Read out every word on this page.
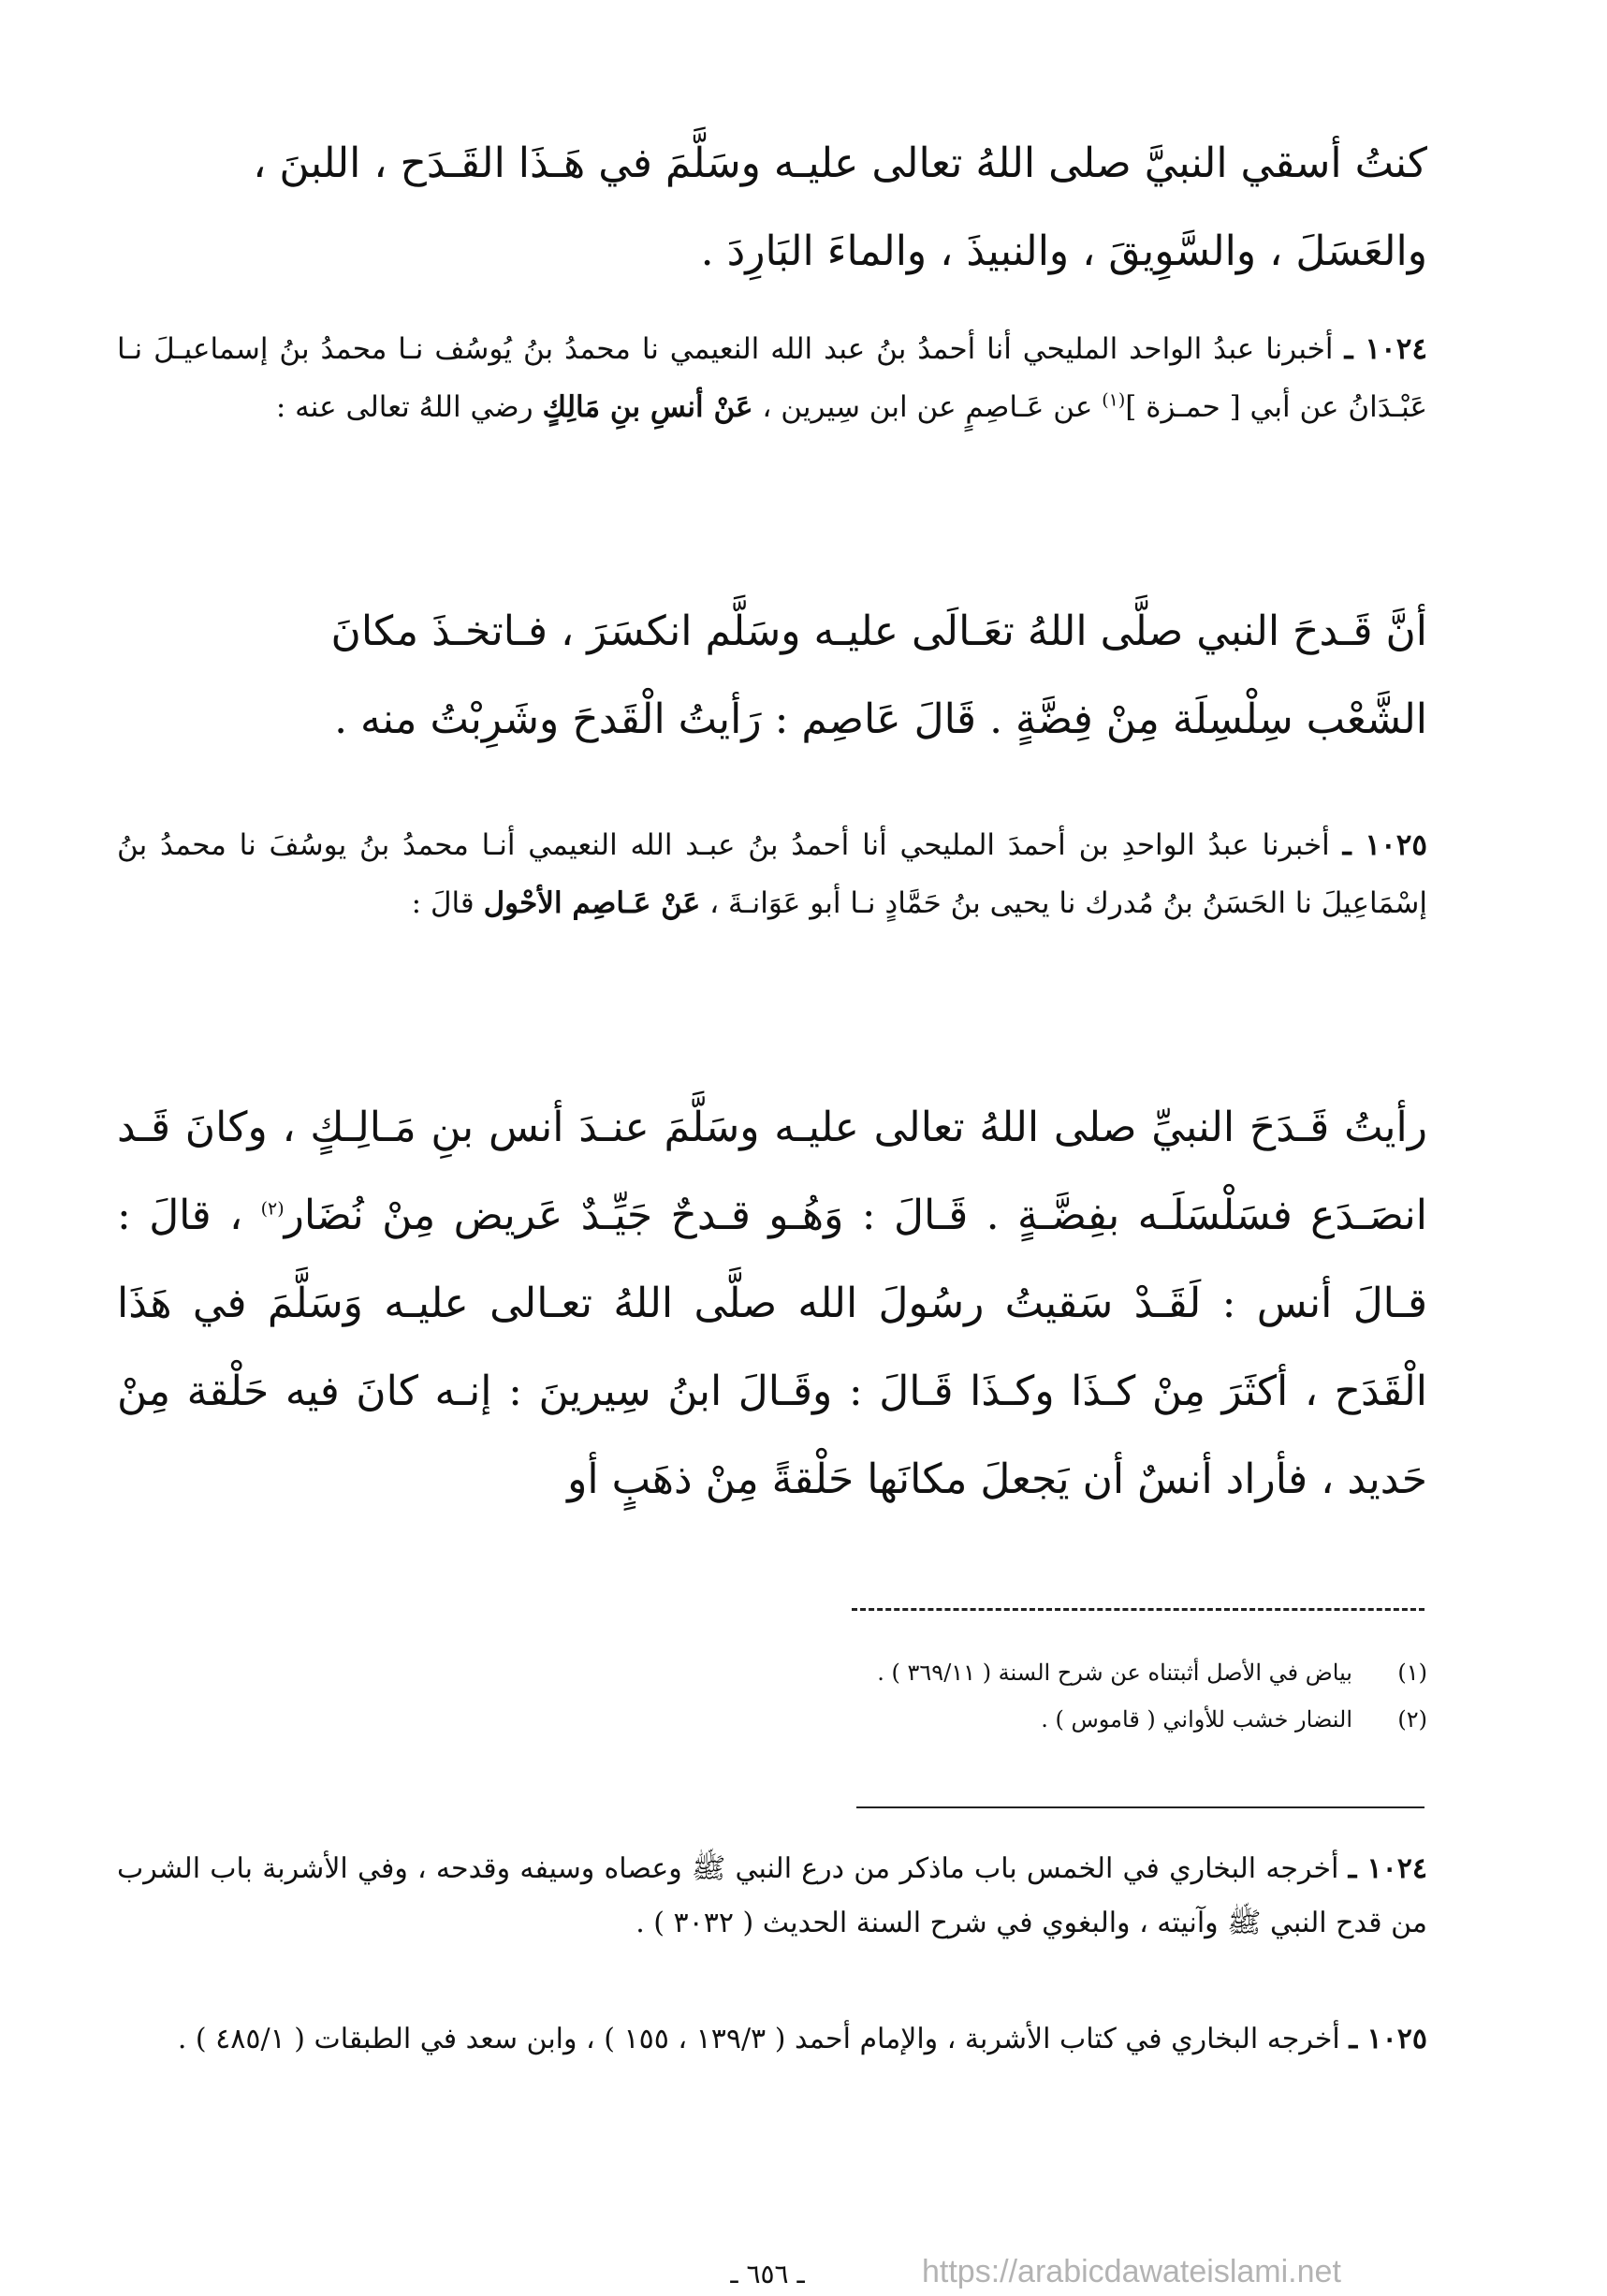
كنتُ أسقي النبيَّ صلى اللهُ تعالى عليـه وسَلَّمَ في هَـذَا القَـدَح ، اللبنَ ،
والعَسَلَ ، والسَّوِيقَ ، والنبيذَ ، والماءَ البَارِدَ .

١٠٢٤ ـ أخبرنا عبدُ الواحد المليحي أنا أحمدُ بنُ عبد الله النعيمي نا محمدُ بنُ يُوسُف نـا محمدُ بنُ إسماعيـلَ نـا عَبْـدَانُ عن أبي [ حمـزة ]$^{(١)}$ عن عَـاصِمٍ عن ابن سِيرين ، عَنْ أنسِ بنِ مَالِكٍ رضي اللهُ تعالى عنه :

أنَّ قَـدحَ النبي صلَّى اللهُ تعَـالَى عليـه وسَلَّم انكسَرَ ، فـاتخـذَ مكانَ
الشَّعْب سِلْسِلَة مِنْ فِضَّةٍ . قَالَ عَاصِم : رَأيتُ الْقَدحَ وشَرِبْتُ منه .

١٠٢٥ ـ أخبرنا عبدُ الواحدِ بن أحمدَ المليحي أنا أحمدُ بنُ عبـد الله النعيمي أنـا محمدُ بنُ يوسُفَ نا محمدُ بنُ إسْمَاعِيلَ نا الحَسَنُ بنُ مُدرك نا يحيى بنُ حَمَّادٍ نـا أبو عَوَانـةَ ، عَنْ عَـاصِم الأحْول قالَ :

رأيتُ قَـدَحَ النبيِّ صلى اللهُ تعالى عليـه وسَلَّمَ عنـدَ أنس بنِ مَـالِـكٍ ، وكانَ قَـد انصَـدَع فسَلْسَلَـه بفِضَّـةٍ . قَـالَ : وَهُـو قـدحٌ جَيِّـدٌ عَريض مِنْ نُضَار$^{(٢)}$ ، قالَ : قـالَ أنس : لَقَـدْ سَقيتُ رسُولَ الله صلَّى اللهُ تعـالى عليـه وَسَلَّمَ في هَذَا الْقَدَح ، أكثَرَ مِنْ كـذَا وكـذَا قَـالَ : وقَـالَ ابنُ سِيرينَ : إنـه كانَ فيه حَلْقة مِنْ حَديد ، فأراد أنسٌ أن يَجعلَ مكانَها حَلْقةً مِنْ ذهَبٍ أو

(١)
بياض في الأصل أثبتناه عن شرح السنة ( ٣٦٩/١١ ) .
(٢)
النضار خشب للأواني ( قاموس ) .

١٠٢٤ ـ أخرجه البخاري في الخمس باب ماذكر من درع النبي ﷺ وعصاه وسيفه وقدحه ، وفي الأشربة باب الشرب من قدح النبي ﷺ وآنيته ، والبغوي في شرح السنة الحديث ( ٣٠٣٢ ) .

١٠٢٥ ـ أخرجه البخاري في كتاب الأشربة ، والإمام أحمد ( ١٣٩/٣ ، ١٥٥ ) ، وابن سعد في الطبقات ( ٤٨٥/١ ) .

ـ ٦٥٦ ـ	https://arabicdawateislami.net
